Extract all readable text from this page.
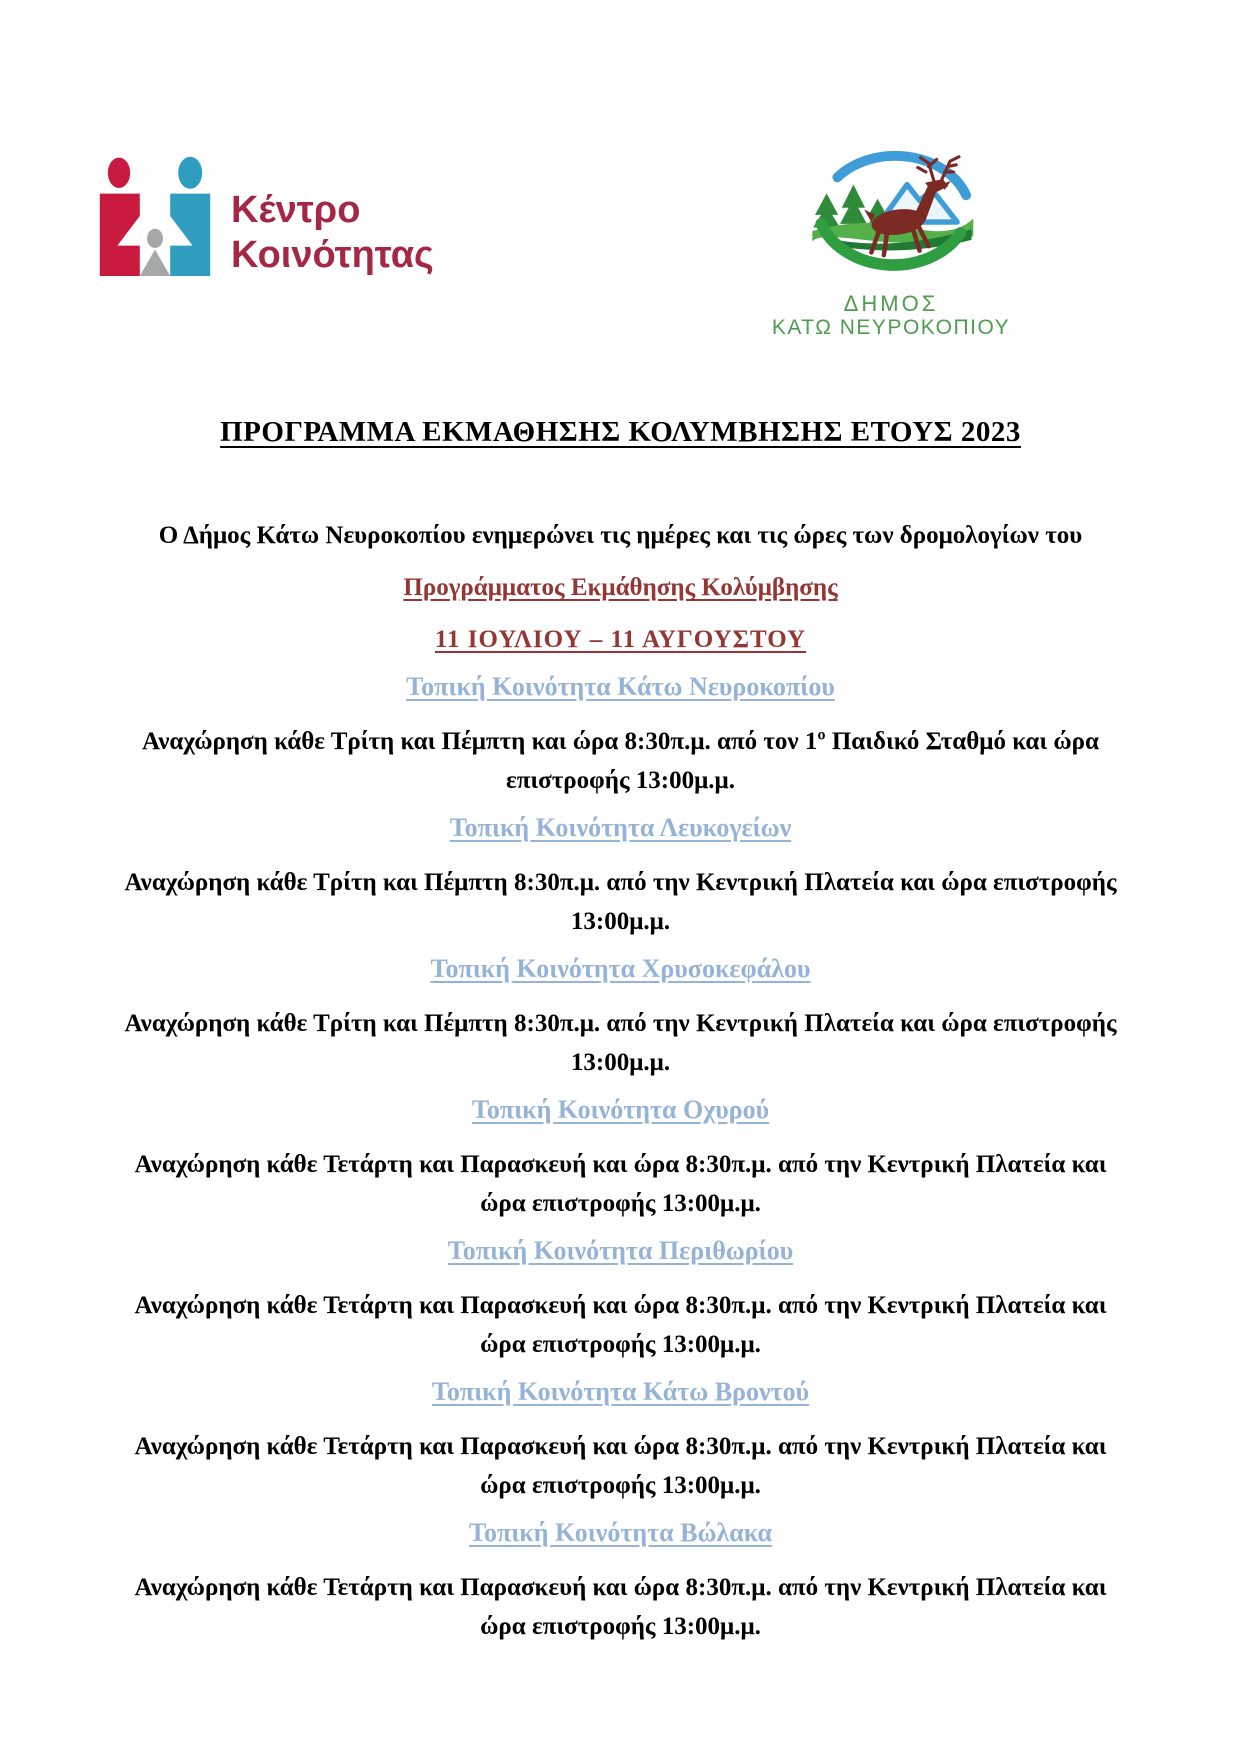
Κέντρο
Κοινότητας
ΔΗΜΟΣ
ΚΑΤΩ ΝΕΥΡΟΚΟΠΙΟΥ
ΠΡΟΓΡΑΜΜΑ ΕΚΜΑΘΗΣΗΣ ΚΟΛΥΜΒΗΣΗΣ ΕΤΟΥΣ 2023

Ο Δήμος Κάτω Νευροκοπίου ενημερώνει τις ημέρες και τις ώρες των δρομολογίων του

Προγράμματος Εκμάθησης Κολύμβησης

11 ΙΟΥΛΙΟΥ – 11 ΑΥΓΟΥΣΤΟΥ

Τοπική Κοινότητα Κάτω Νευροκοπίου

Αναχώρηση κάθε Τρίτη και Πέμπτη και ώρα 8:30π.μ. από τον 1º Παιδικό Σταθμό και ώρα επιστροφής 13:00μ.μ.

Τοπική Κοινότητα Λευκογείων

Αναχώρηση κάθε Τρίτη και Πέμπτη 8:30π.μ. από την Κεντρική Πλατεία και ώρα επιστροφής 13:00μ.μ.

Τοπική Κοινότητα Χρυσοκεφάλου

Αναχώρηση κάθε Τρίτη και Πέμπτη 8:30π.μ. από την Κεντρική Πλατεία και ώρα επιστροφής 13:00μ.μ.

Τοπική Κοινότητα Οχυρού

Αναχώρηση κάθε Τετάρτη και Παρασκευή και ώρα 8:30π.μ. από την Κεντρική Πλατεία και ώρα επιστροφής 13:00μ.μ.

Τοπική Κοινότητα Περιθωρίου

Αναχώρηση κάθε Τετάρτη και Παρασκευή και ώρα 8:30π.μ. από την Κεντρική Πλατεία και ώρα επιστροφής 13:00μ.μ.

Τοπική Κοινότητα Κάτω Βροντού

Αναχώρηση κάθε Τετάρτη και Παρασκευή και ώρα 8:30π.μ. από την Κεντρική Πλατεία και ώρα επιστροφής 13:00μ.μ.

Τοπική Κοινότητα Βώλακα

Αναχώρηση κάθε Τετάρτη και Παρασκευή και ώρα 8:30π.μ. από την Κεντρική Πλατεία και ώρα επιστροφής 13:00μ.μ.
